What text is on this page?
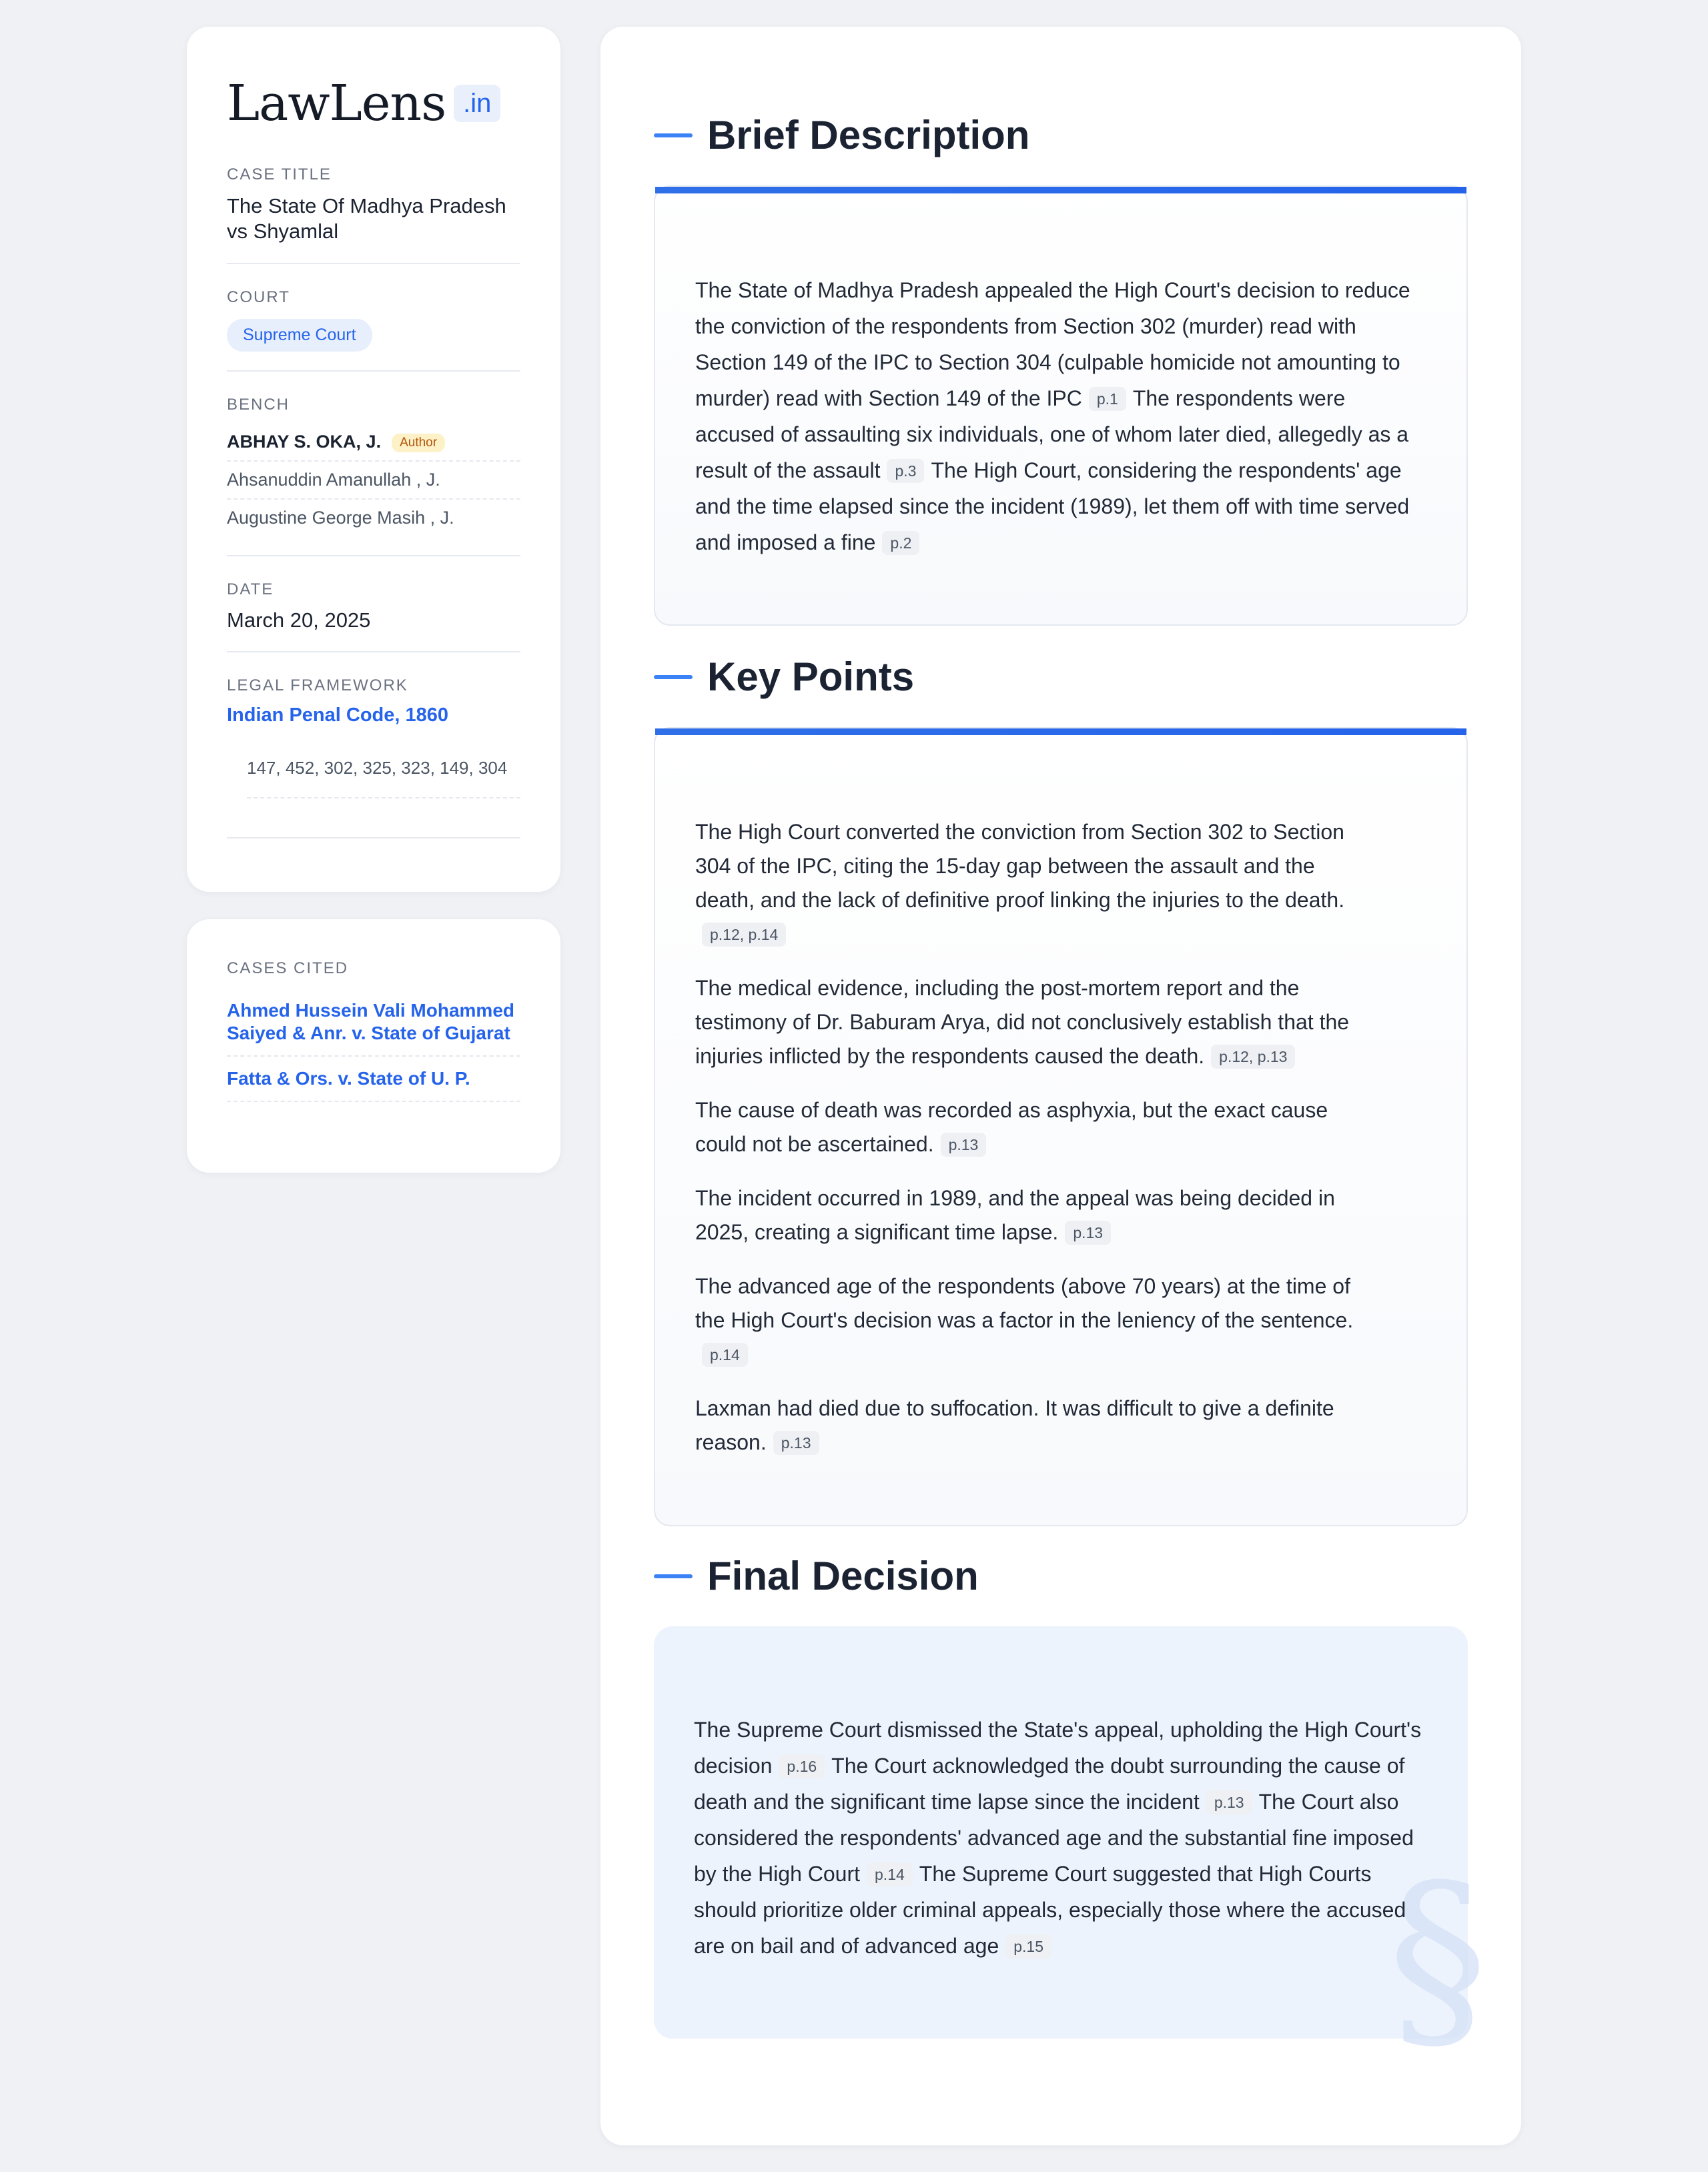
LawLens .in
CASE TITLE
The State Of Madhya Pradesh vs Shyamlal
COURT
Supreme Court
BENCH
ABHAY S. OKA, J. Author
Ahsanuddin Amanullah , J.
Augustine George Masih , J.
DATE
March 20, 2025
LEGAL FRAMEWORK
Indian Penal Code, 1860
147, 452, 302, 325, 323, 149, 304
CASES CITED
Ahmed Hussein Vali Mohammed Saiyed & Anr. v. State of Gujarat
Fatta & Ors. v. State of U. P.
Brief Description
The State of Madhya Pradesh appealed the High Court's decision to reduce the conviction of the respondents from Section 302 (murder) read with Section 149 of the IPC to Section 304 (culpable homicide not amounting to murder) read with Section 149 of the IPC p.1 The respondents were accused of assaulting six individuals, one of whom later died, allegedly as a result of the assault p.3 The High Court, considering the respondents' age and the time elapsed since the incident (1989), let them off with time served and imposed a fine p.2
Key Points
The High Court converted the conviction from Section 302 to Section 304 of the IPC, citing the 15-day gap between the assault and the death, and the lack of definitive proof linking the injuries to the death.p.12, p.14
The medical evidence, including the post-mortem report and the testimony of Dr. Baburam Arya, did not conclusively establish that the injuries inflicted by the respondents caused the death. p.12, p.13
The cause of death was recorded as asphyxia, but the exact cause could not be ascertained. p.13
The incident occurred in 1989, and the appeal was being decided in 2025, creating a significant time lapse. p.13
The advanced age of the respondents (above 70 years) at the time of the High Court's decision was a factor in the leniency of the sentence.p.14
Laxman had died due to suffocation. It was difficult to give a definite reason. p.13
Final Decision
§
The Supreme Court dismissed the State's appeal, upholding the High Court's decision p.16 The Court acknowledged the doubt surrounding the cause of death and the significant time lapse since the incident p.13 The Court also considered the respondents' advanced age and the substantial fine imposed by the High Court p.14 The Supreme Court suggested that High Courts should prioritize older criminal appeals, especially those where the accused are on bail and of advanced age p.15
